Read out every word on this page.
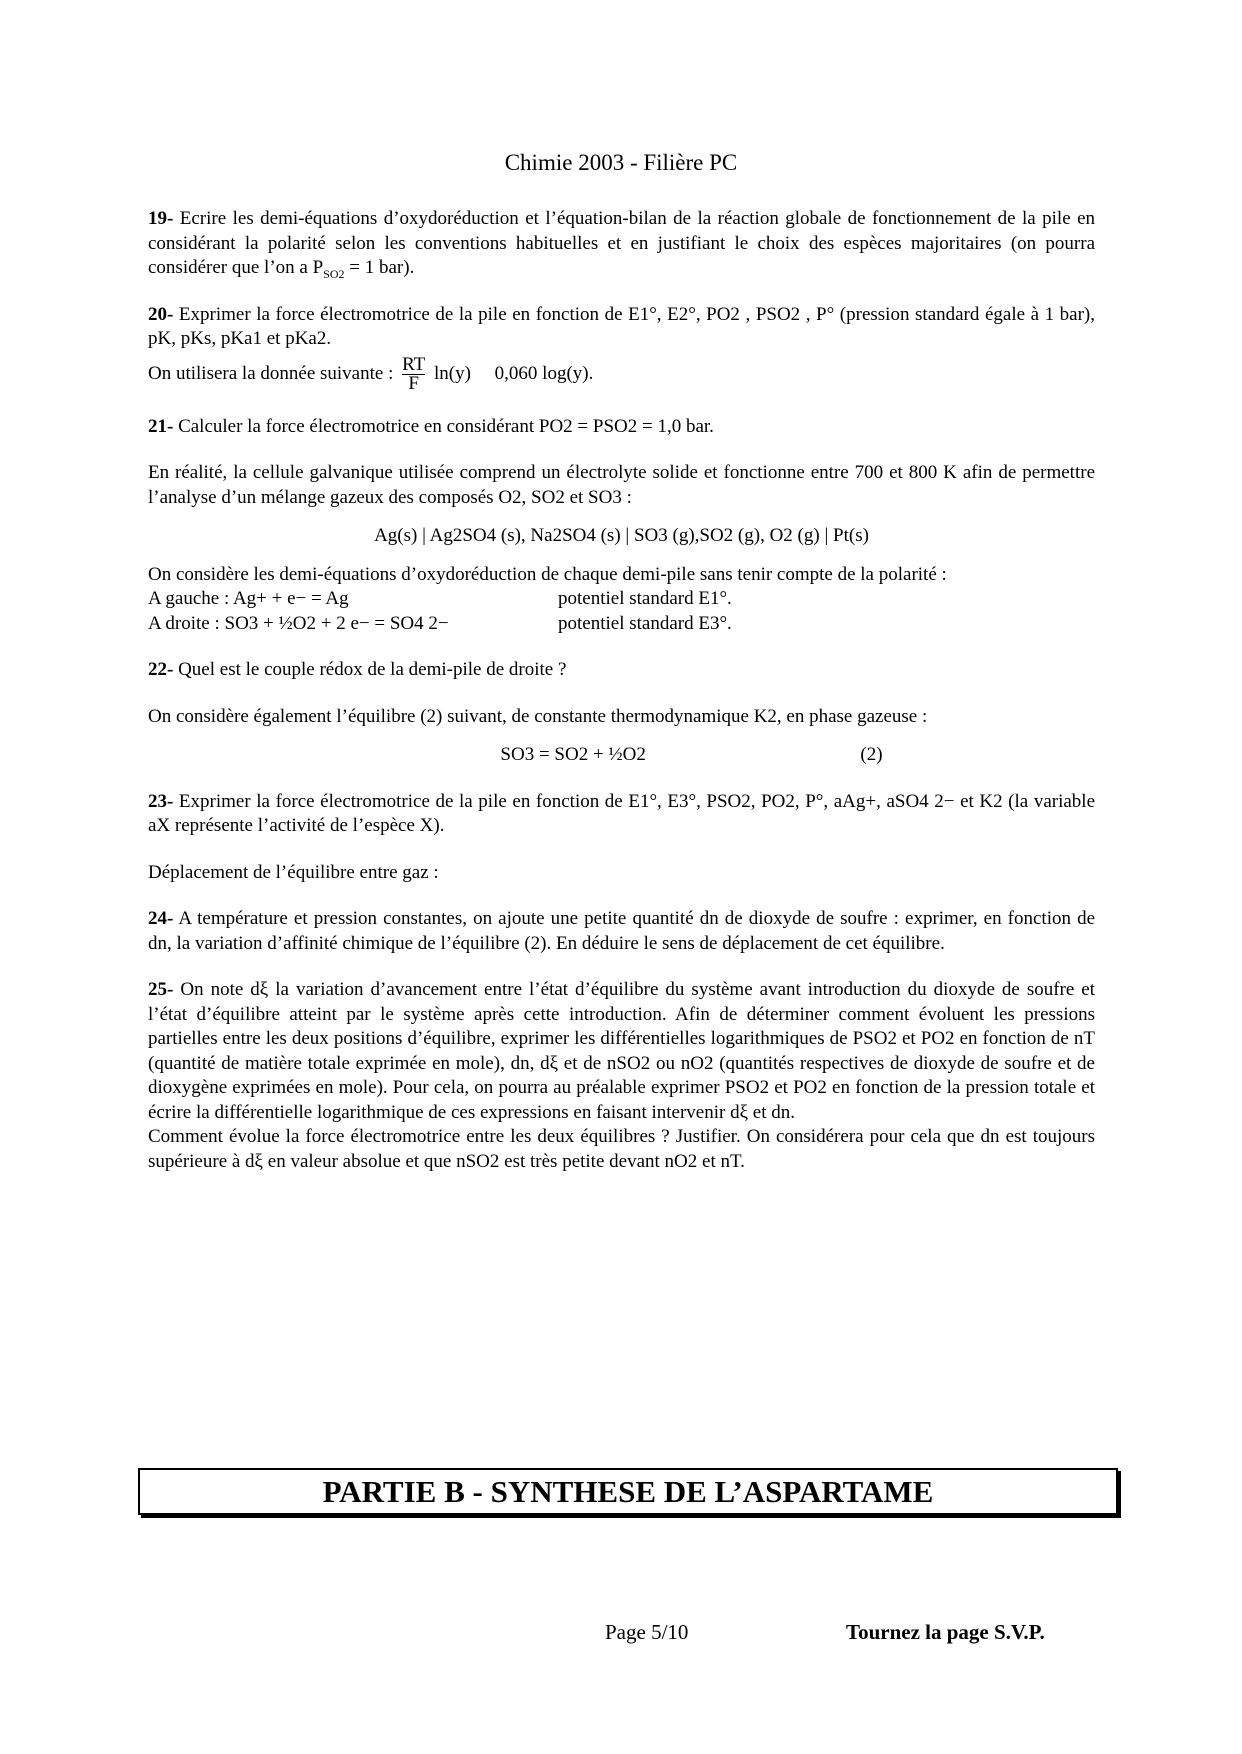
Chimie 2003 - Filière PC

19- Ecrire les demi-équations d’oxydoréduction et l’équation-bilan de la réaction globale de fonctionnement de la pile en considérant la polarité selon les conventions habituelles et en justifiant le choix des espèces majoritaires (on pourra considérer que l’on a $P_{SO2} = 1$ bar).

20- Exprimer la force électromotrice de la pile en fonction de E1°, E2°, PO2 , PSO2 , P° (pression standard égale à 1 bar), pK, pKs, pKa1 et pKa2.

On utilisera la donnée suivante : $\frac{RT}{F} \ln(y)$     0,060 log(y).

21- Calculer la force électromotrice en considérant PO2 = PSO2 = 1,0 bar.

En réalité, la cellule galvanique utilisée comprend un électrolyte solide et fonctionne entre 700 et 800 K afin de permettre l’analyse d’un mélange gazeux des composés O2, SO2 et SO3 :

Ag(s) | Ag2SO4 (s), Na2SO4 (s) | SO3 (g),SO2 (g), O2 (g) | Pt(s)

On considère les demi-équations d’oxydoréduction de chaque demi-pile sans tenir compte de la polarité :

A gauche : Ag+ + e− = Ag	potentiel standard E1°.
A droite : SO3 + ½O2 + 2 e− = SO4 2−	potentiel standard E3°.

22- Quel est le couple rédox de la demi-pile de droite ?

On considère également l’équilibre (2) suivant, de constante thermodynamique K2, en phase gazeuse :

SO3 = SO2 + ½O2	(2)

23- Exprimer la force électromotrice de la pile en fonction de E1°, E3°, PSO2, PO2, P°, aAg+, aSO4 2− et K2 (la variable aX représente l’activité de l’espèce X).

Déplacement de l’équilibre entre gaz :

24- A température et pression constantes, on ajoute une petite quantité dn de dioxyde de soufre : exprimer, en fonction de dn, la variation d’affinité chimique de l’équilibre (2). En déduire le sens de déplacement de cet équilibre.

25- On note dξ la variation d’avancement entre l’état d’équilibre du système avant introduction du dioxyde de soufre et l’état d’équilibre atteint par le système après cette introduction. Afin de déterminer comment évoluent les pressions partielles entre les deux positions d’équilibre, exprimer les différentielles logarithmiques de PSO2 et PO2 en fonction de nT (quantité de matière totale exprimée en mole), dn, dξ et de nSO2 ou nO2 (quantités respectives de dioxyde de soufre et de dioxygène exprimées en mole). Pour cela, on pourra au préalable exprimer PSO2 et PO2 en fonction de la pression totale et écrire la différentielle logarithmique de ces expressions en faisant intervenir dξ et dn.

Comment évolue la force électromotrice entre les deux équilibres ? Justifier. On considérera pour cela que dn est toujours supérieure à dξ en valeur absolue et que nSO2 est très petite devant nO2 et nT.

PARTIE B - SYNTHESE DE L’ASPARTAME
Page 5/10	Tournez la page S.V.P.
